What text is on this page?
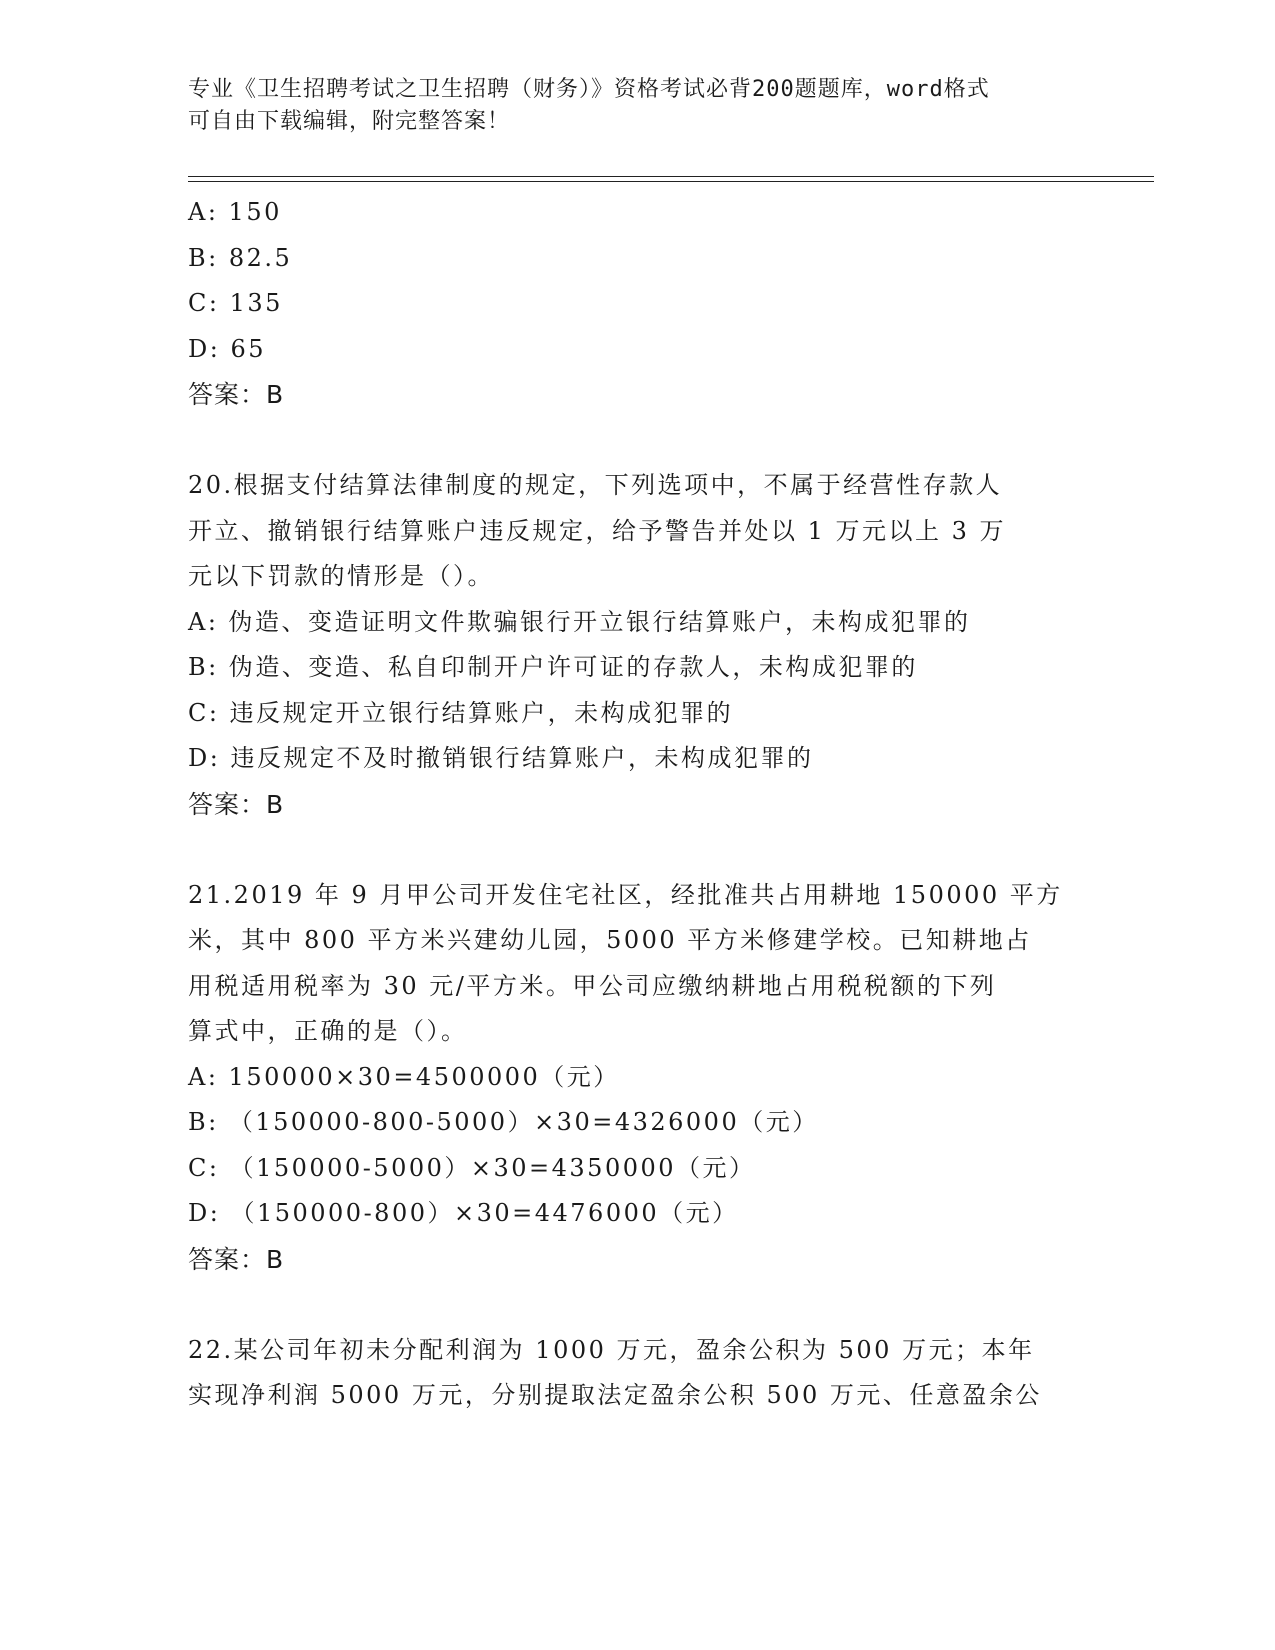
专业《卫生招聘考试之卫生招聘（财务）》资格考试必背200题题库，word格式
可自由下载编辑，附完整答案！
A: 150
B: 82.5
C: 135
D: 65
答案：B
20.根据支付结算法律制度的规定，下列选项中，不属于经营性存款人
开立、撤销银行结算账户违反规定，给予警告并处以 1 万元以上 3 万
元以下罚款的情形是（）。
A: 伪造、变造证明文件欺骗银行开立银行结算账户，未构成犯罪的
B: 伪造、变造、私自印制开户许可证的存款人，未构成犯罪的
C: 违反规定开立银行结算账户，未构成犯罪的
D: 违反规定不及时撤销银行结算账户，未构成犯罪的
答案：B
21.2019 年 9 月甲公司开发住宅社区，经批准共占用耕地 150000 平方
米，其中 800 平方米兴建幼儿园，5000 平方米修建学校。已知耕地占
用税适用税率为 30 元/平方米。甲公司应缴纳耕地占用税税额的下列
算式中，正确的是（）。
A: 150000×30=4500000（元）
B: （150000-800-5000）×30=4326000（元）
C: （150000-5000）×30=4350000（元）
D: （150000-800）×30=4476000（元）
答案：B
22.某公司年初未分配利润为 1000 万元，盈余公积为 500 万元；本年
实现净利润 5000 万元，分别提取法定盈余公积 500 万元、任意盈余公
